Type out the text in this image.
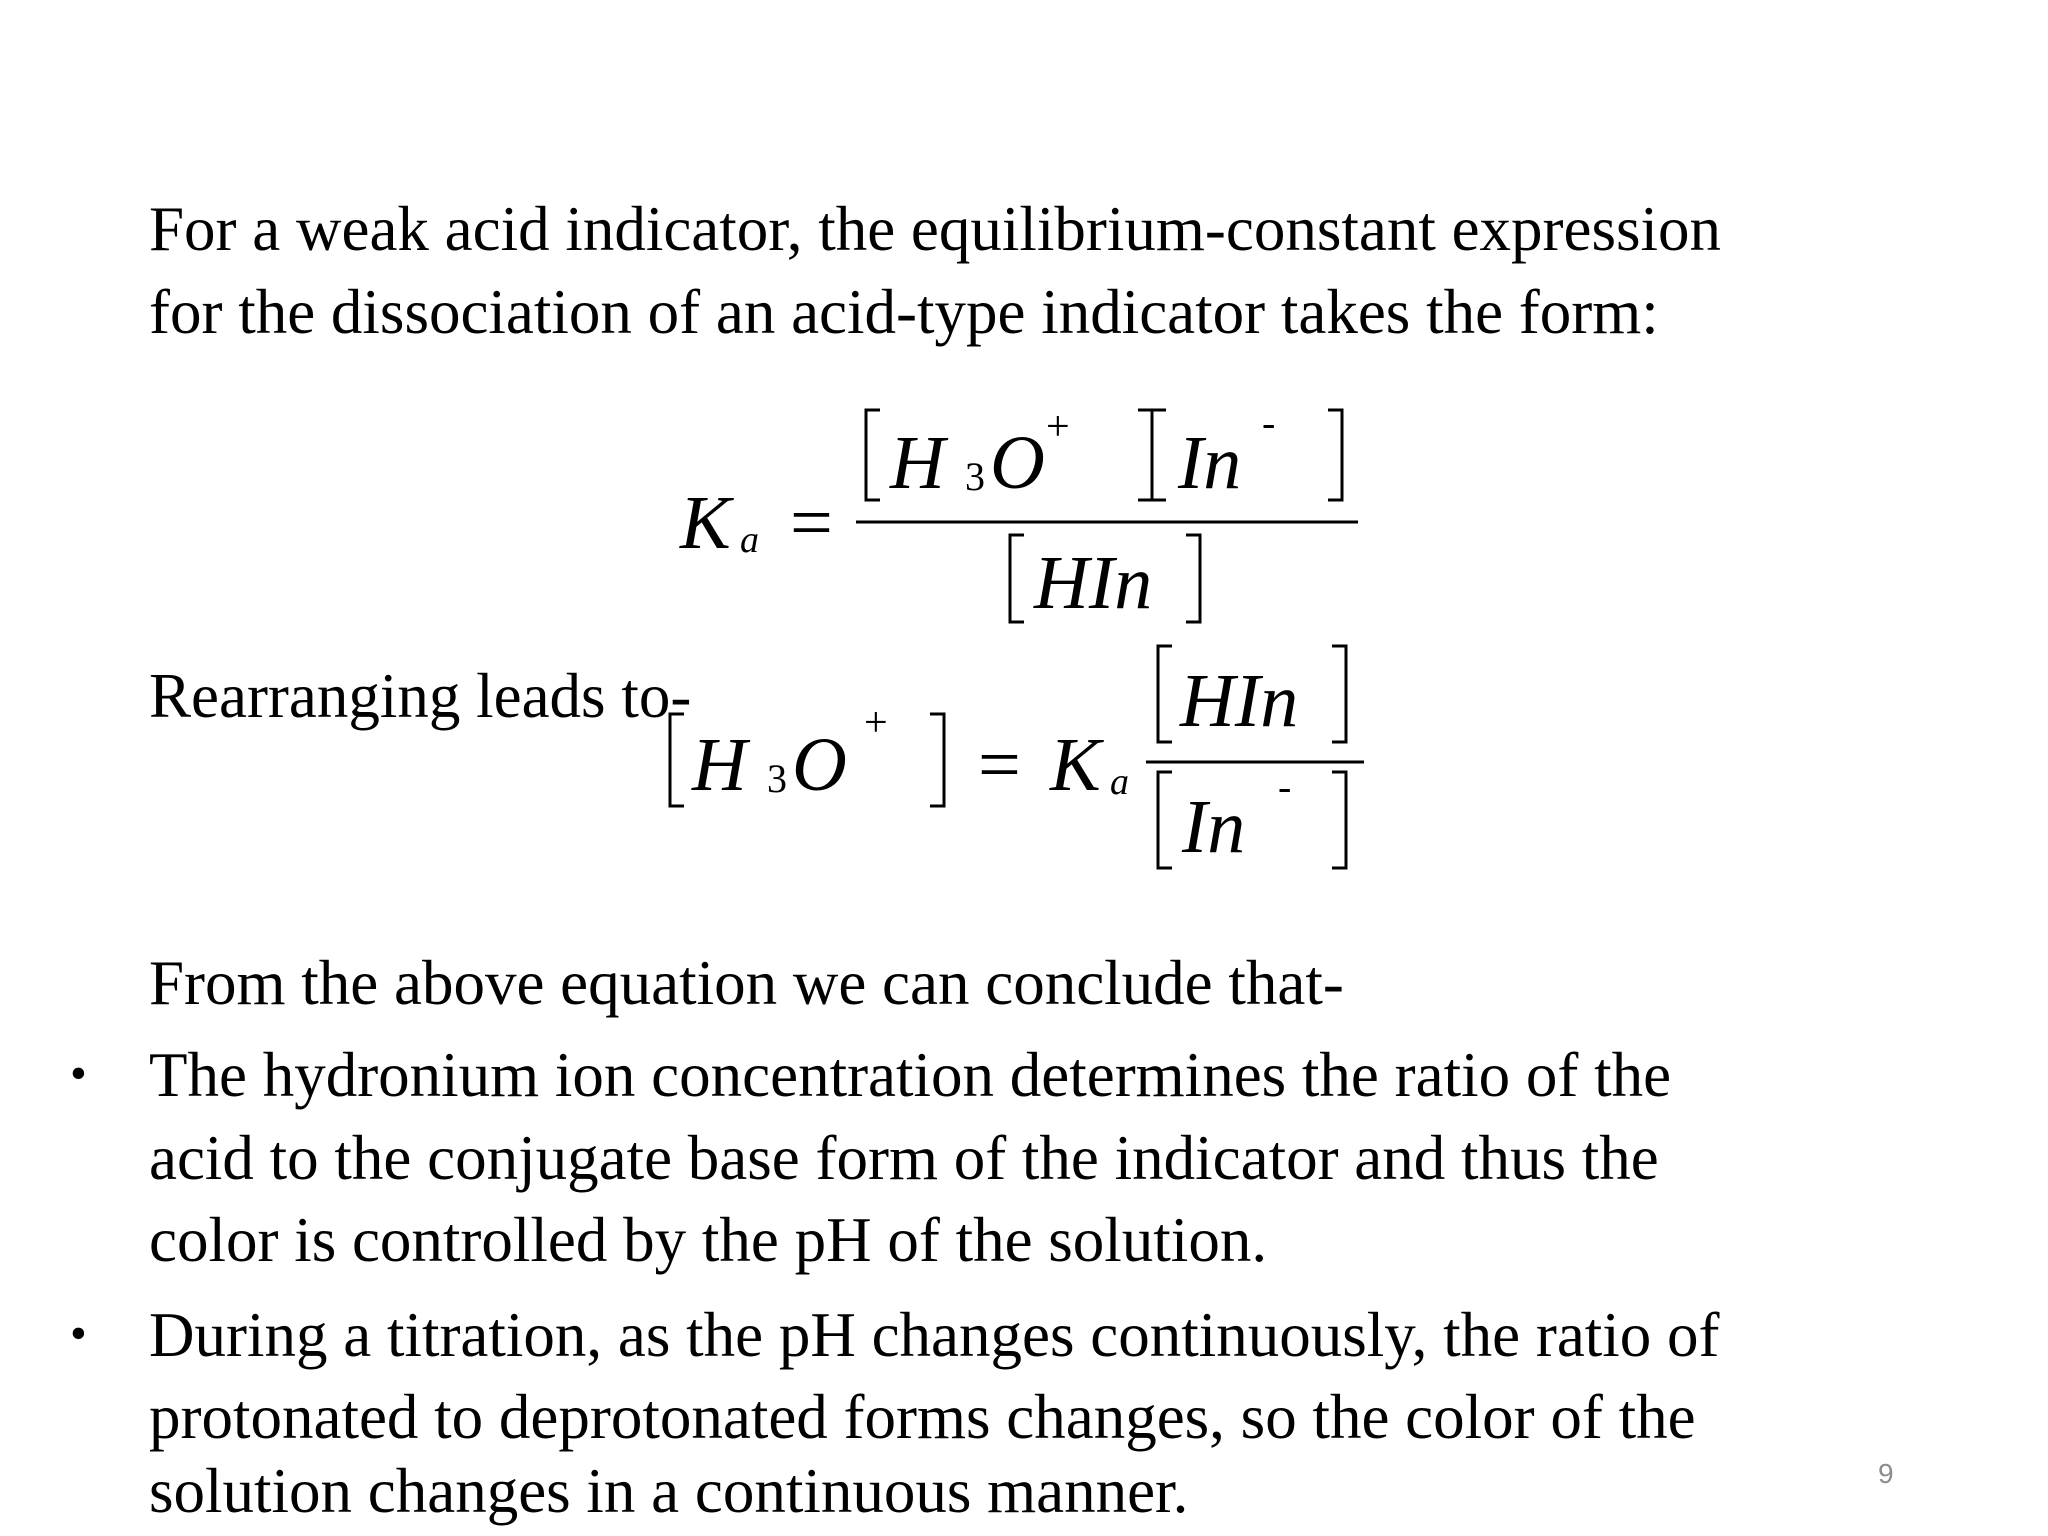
For a weak acid indicator, the equilibrium-constant expression

for the dissociation of an acid-type indicator takes the form:

K a =
H 3 O + In -
HIn

Rearranging leads to-

H 3 O + = K a
HIn
In -

From the above equation we can conclude that-

• The hydronium ion concentration determines the ratio of the

acid to the conjugate base form of the indicator and thus the

color is controlled by the pH of the solution.

• During a titration, as the pH changes continuously, the ratio of

protonated to deprotonated forms changes, so the color of the

solution changes in a continuous manner.	9
